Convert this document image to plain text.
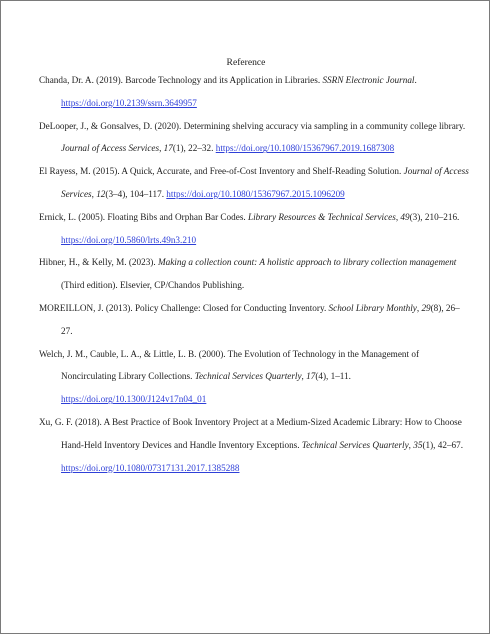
Reference
Chanda, Dr. A. (2019). Barcode Technology and its Application in Libraries. SSRN Electronic Journal. https://doi.org/10.2139/ssrn.3649957
DeLooper, J., & Gonsalves, D. (2020). Determining shelving accuracy via sampling in a community college library. Journal of Access Services, 17(1), 22–32. https://doi.org/10.1080/15367967.2019.1687308
El Rayess, M. (2015). A Quick, Accurate, and Free-of-Cost Inventory and Shelf-Reading Solution. Journal of Access Services, 12(3–4), 104–117. https://doi.org/10.1080/15367967.2015.1096209
Ernick, L. (2005). Floating Bibs and Orphan Bar Codes. Library Resources & Technical Services, 49(3), 210–216. https://doi.org/10.5860/lrts.49n3.210
Hibner, H., & Kelly, M. (2023). Making a collection count: A holistic approach to library collection management (Third edition). Elsevier, CP/Chandos Publishing.
MOREILLON, J. (2013). Policy Challenge: Closed for Conducting Inventory. School Library Monthly, 29(8), 26–27.
Welch, J. M., Cauble, L. A., & Little, L. B. (2000). The Evolution of Technology in the Management of Noncirculating Library Collections. Technical Services Quarterly, 17(4), 1–11. https://doi.org/10.1300/J124v17n04_01
Xu, G. F. (2018). A Best Practice of Book Inventory Project at a Medium-Sized Academic Library: How to Choose Hand-Held Inventory Devices and Handle Inventory Exceptions. Technical Services Quarterly, 35(1), 42–67. https://doi.org/10.1080/07317131.2017.1385288
